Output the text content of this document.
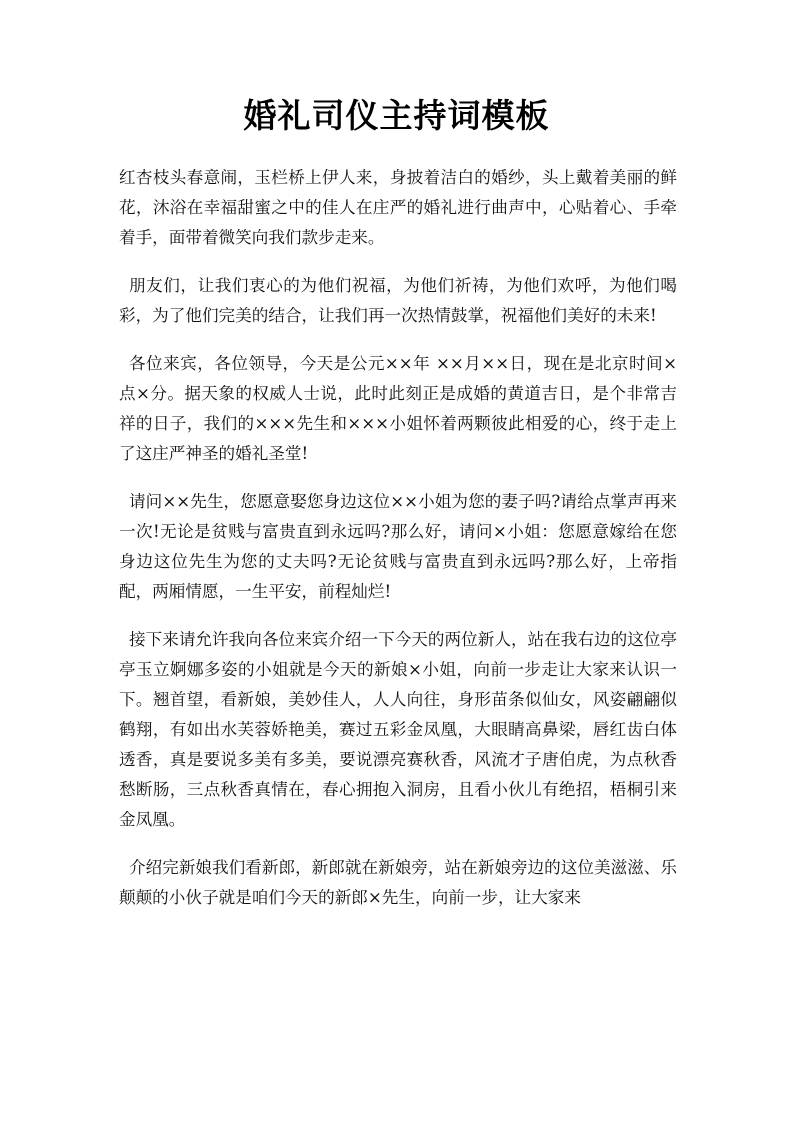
婚礼司仪主持词模板

红杏枝头春意闹，玉栏桥上伊人来，身披着洁白的婚纱，头上戴着美丽的鲜花，沐浴在幸福甜蜜之中的佳人在庄严的婚礼进行曲声中，心贴着心、手牵着手，面带着微笑向我们款步走来。

朋友们，让我们衷心的为他们祝福，为他们祈祷，为他们欢呼，为他们喝彩，为了他们完美的结合，让我们再一次热情鼓掌，祝福他们美好的未来!

各位来宾，各位领导，今天是公元××年 ××月××日，现在是北京时间×点×分。据天象的权威人士说，此时此刻正是成婚的黄道吉日，是个非常吉祥的日子，我们的×××先生和×××小姐怀着两颗彼此相爱的心，终于走上了这庄严神圣的婚礼圣堂!

请问××先生，您愿意娶您身边这位××小姐为您的妻子吗?请给点掌声再来一次!无论是贫贱与富贵直到永远吗?那么好，请问×小姐：您愿意嫁给在您身边这位先生为您的丈夫吗?无论贫贱与富贵直到永远吗?那么好，上帝指配，两厢情愿，一生平安，前程灿烂!

接下来请允许我向各位来宾介绍一下今天的两位新人，站在我右边的这位亭亭玉立婀娜多姿的小姐就是今天的新娘×小姐，向前一步走让大家来认识一下。翘首望，看新娘，美妙佳人，人人向往，身形苗条似仙女，风姿翩翩似鹤翔，有如出水芙蓉娇艳美，赛过五彩金凤凰，大眼睛高鼻梁，唇红齿白体透香，真是要说多美有多美，要说漂亮赛秋香，风流才子唐伯虎，为点秋香愁断肠，三点秋香真情在，春心拥抱入洞房，且看小伙儿有绝招，梧桐引来金凤凰。

介绍完新娘我们看新郎，新郎就在新娘旁，站在新娘旁边的这位美滋滋、乐颠颠的小伙子就是咱们今天的新郎×先生，向前一步，让大家来
